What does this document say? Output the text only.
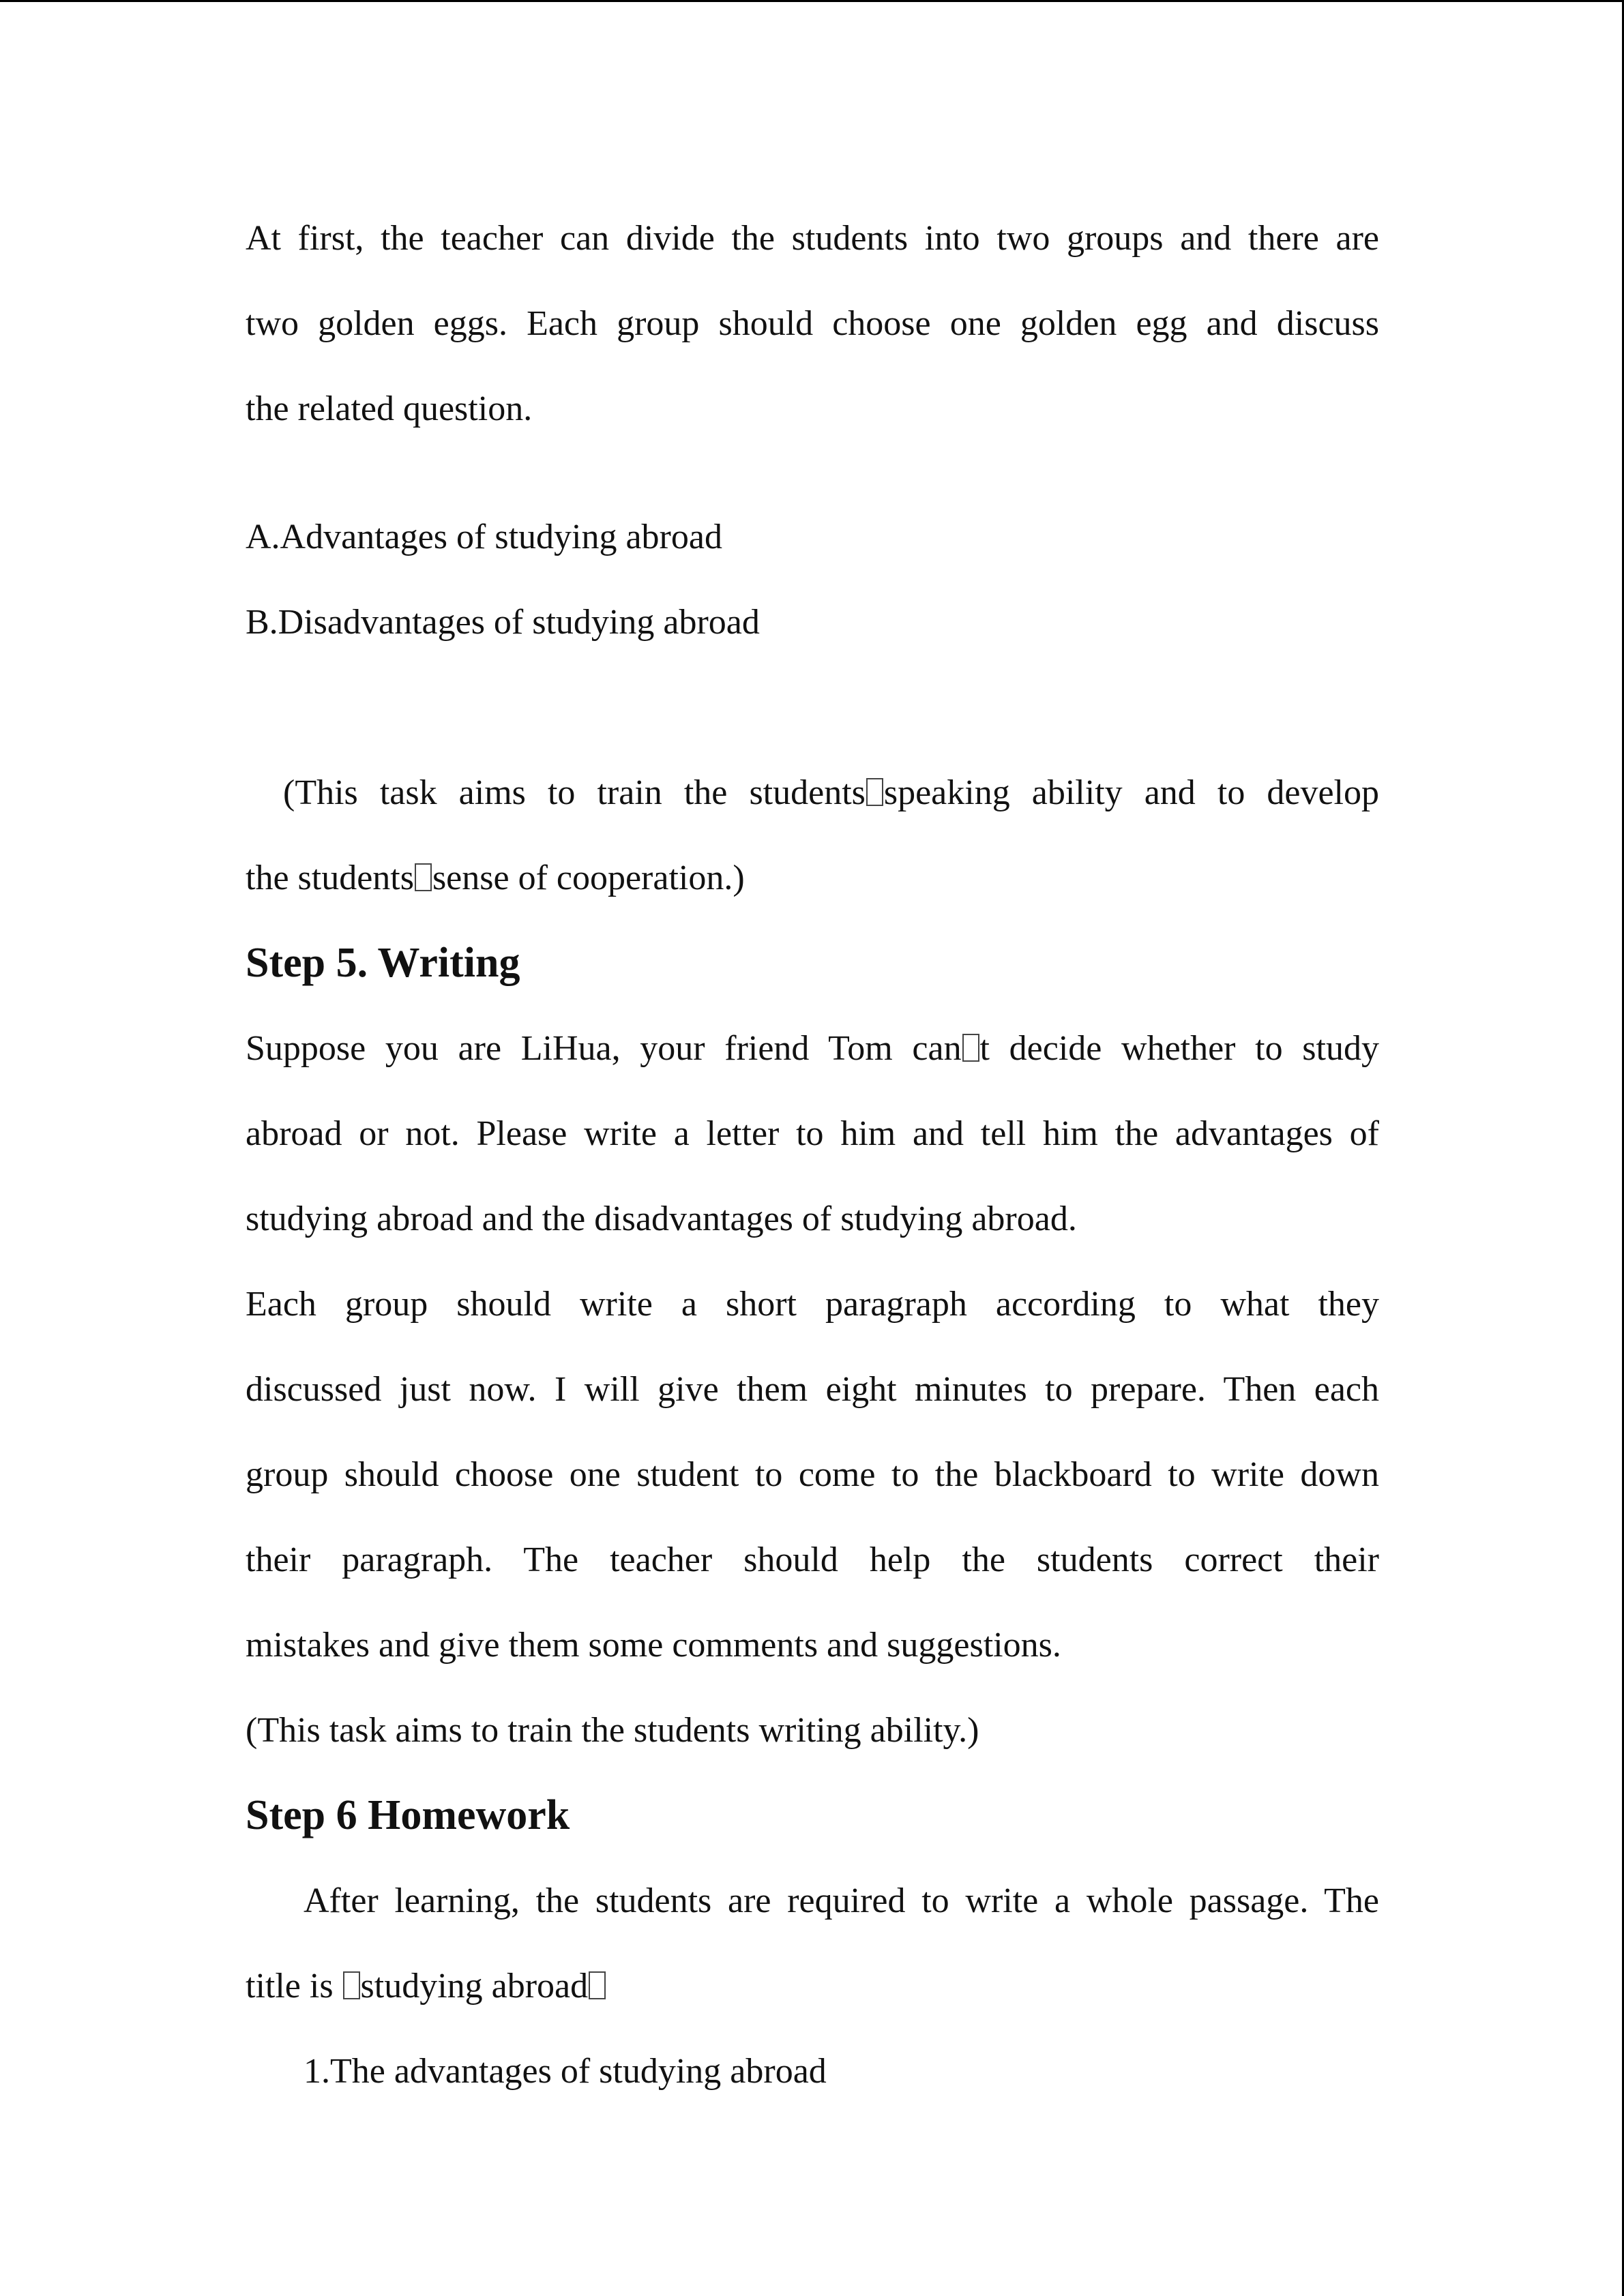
At first, the teacher can divide the students into two groups and there are
two golden eggs. Each group should choose one golden egg and discuss
the related question.
A.Advantages of studying abroad
B.Disadvantages of studying abroad
(This task aims to train the students speaking ability and to develop
the students sense of cooperation.)
Step 5. Writing
Suppose you are LiHua, your friend Tom can t decide whether to study
abroad or not. Please write a letter to him and tell him the advantages of
studying abroad and the disadvantages of studying abroad.
Each group should write a short paragraph according to what they
discussed just now. I will give them eight minutes to prepare. Then each
group should choose one student to come to the blackboard to write down
their paragraph. The teacher should help the students correct their
mistakes and give them some comments and suggestions.
(This task aims to train the students writing ability.)
Step 6 Homework
After learning, the students are required to write a whole passage. The
title is studying abroad
1.The advantages of studying abroad
